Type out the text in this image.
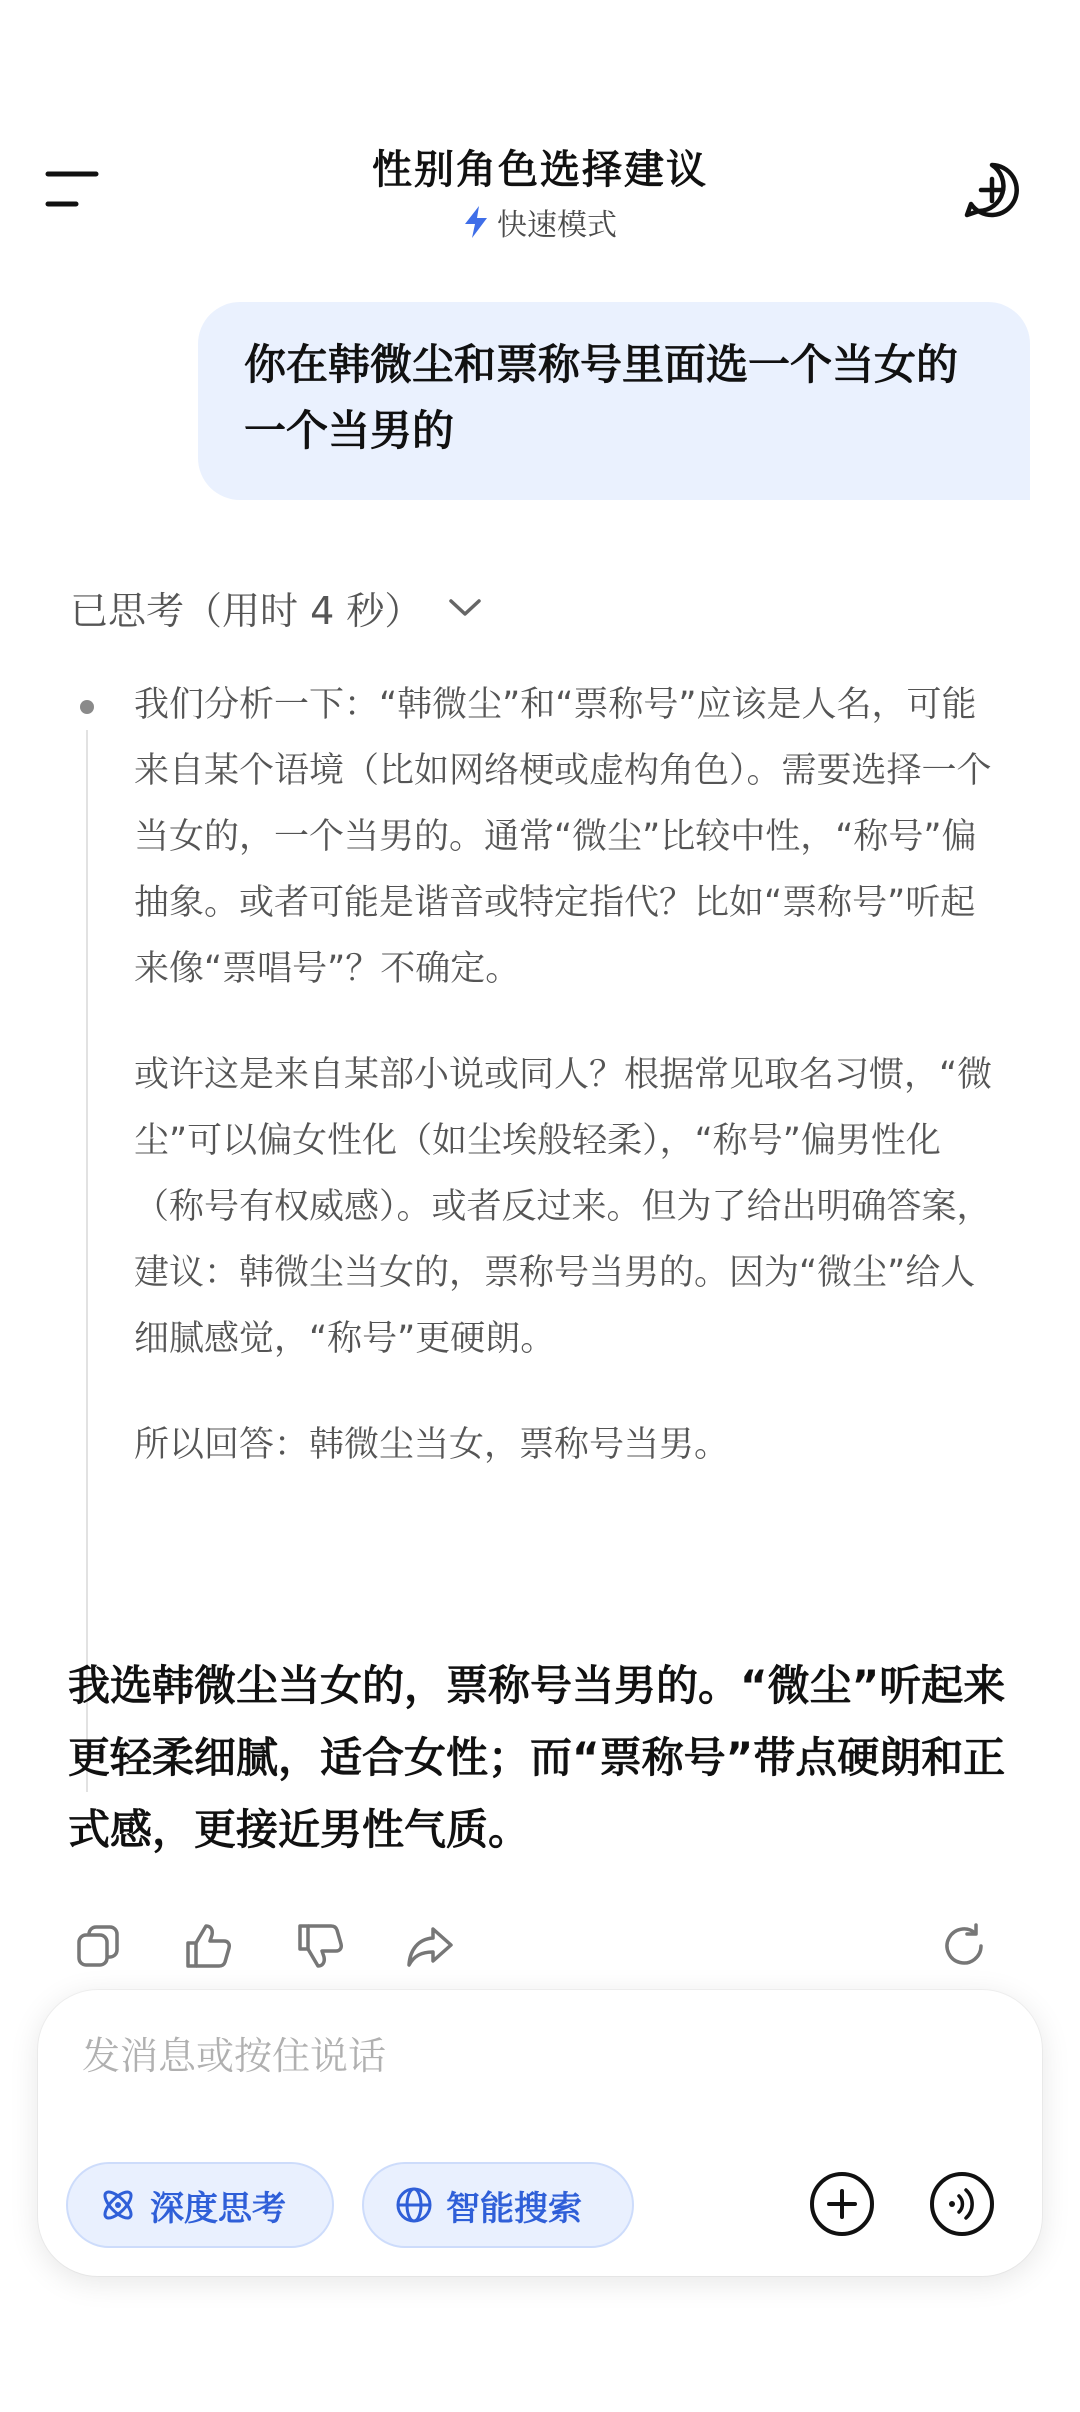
性别角色选择建议
快速模式
你在韩微尘和票称号里面选一个当女的一个当男的
已思考（用时 4 秒）

我们分析一下：“韩微尘”和“票称号”应该是人名，可能来自某个语境（比如网络梗或虚构角色）。需要选择一个当女的，一个当男的。通常“微尘”比较中性，“称号”偏抽象。或者可能是谐音或特定指代？比如“票称号”听起来像“票唱号”？不确定。

或许这是来自某部小说或同人？根据常见取名习惯，“微尘”可以偏女性化（如尘埃般轻柔），“称号”偏男性化（称号有权威感）。或者反过来。但为了给出明确答案，建议：韩微尘当女的，票称号当男的。因为“微尘”给人细腻感觉，“称号”更硬朗。

所以回答：韩微尘当女，票称号当男。

我选韩微尘当女的，票称号当男的。“微尘”听起来更轻柔细腻，适合女性；而“票称号”带点硬朗和正式感，更接近男性气质。
发消息或按住说话
深度思考	智能搜索
